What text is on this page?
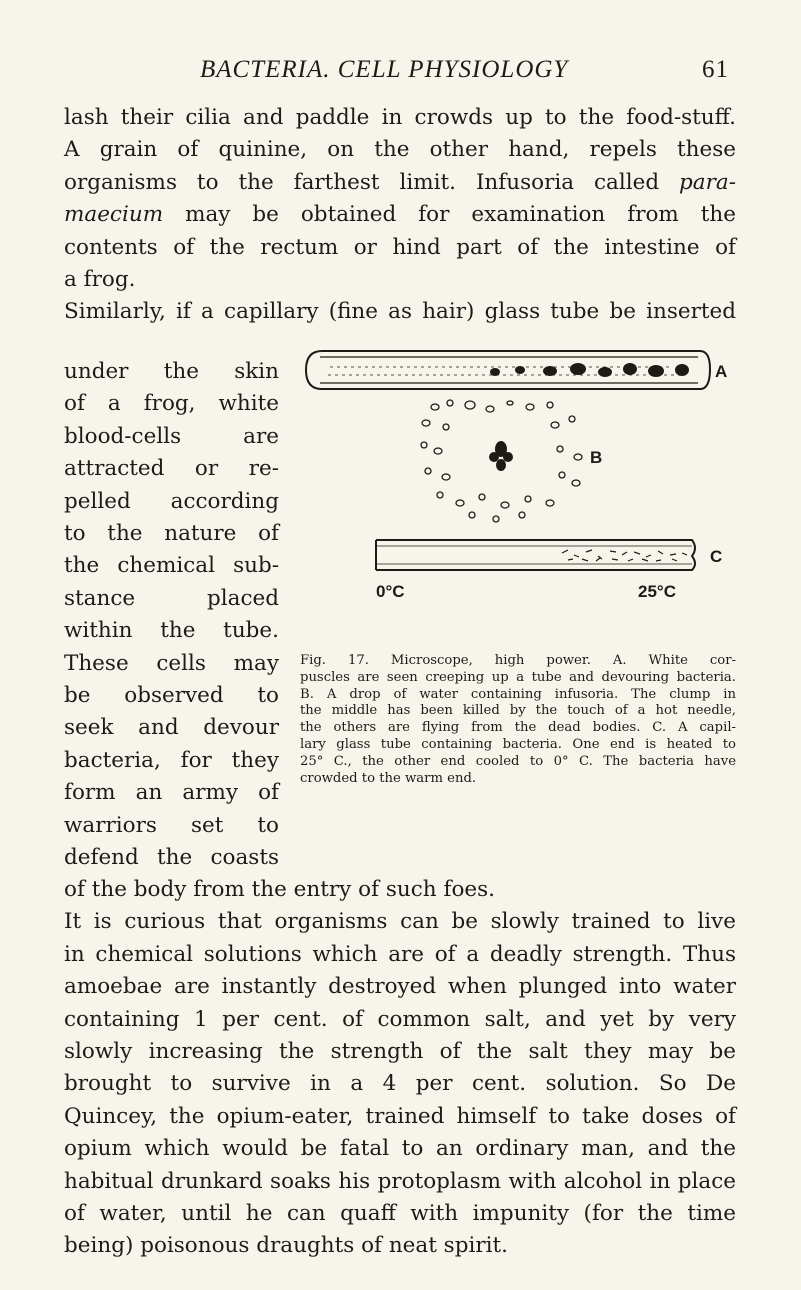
BACTERIA. CELL PHYSIOLOGY	61
lash their cilia and paddle in crowds up to the food-stuff.
A grain of quinine, on the other hand, repels these
organisms to the farthest limit. Infusoria called para-
maecium may be obtained for examination from the
contents of the rectum or hind part of the intestine of
a frog.
Similarly, if a capillary (fine as hair) glass tube be inserted
under the skin
of a frog, white
blood-cells are
attracted or re-
pelled according
to the nature of
the chemical sub-
stance placed
within the tube.
These cells may
be observed to
seek and devour
bacteria, for they
form an army of
warriors set to
defend the coasts
A
B
C
0°C	25°C
Fig. 17. Microscope, high power. A. White cor-
puscles are seen creeping up a tube and devouring bacteria.
B. A drop of water containing infusoria. The clump in
the middle has been killed by the touch of a hot needle,
the others are flying from the dead bodies. C. A capil-
lary glass tube containing bacteria. One end is heated to
25° C., the other end cooled to 0° C. The bacteria have
crowded to the warm end.
of the body from the entry of such foes.
It is curious that organisms can be slowly trained to live
in chemical solutions which are of a deadly strength. Thus
amoebae are instantly destroyed when plunged into water
containing 1 per cent. of common salt, and yet by very
slowly increasing the strength of the salt they may be
brought to survive in a 4 per cent. solution. So De
Quincey, the opium-eater, trained himself to take doses of
opium which would be fatal to an ordinary man, and the
habitual drunkard soaks his protoplasm with alcohol in place
of water, until he can quaff with impunity (for the time
being) poisonous draughts of neat spirit.
